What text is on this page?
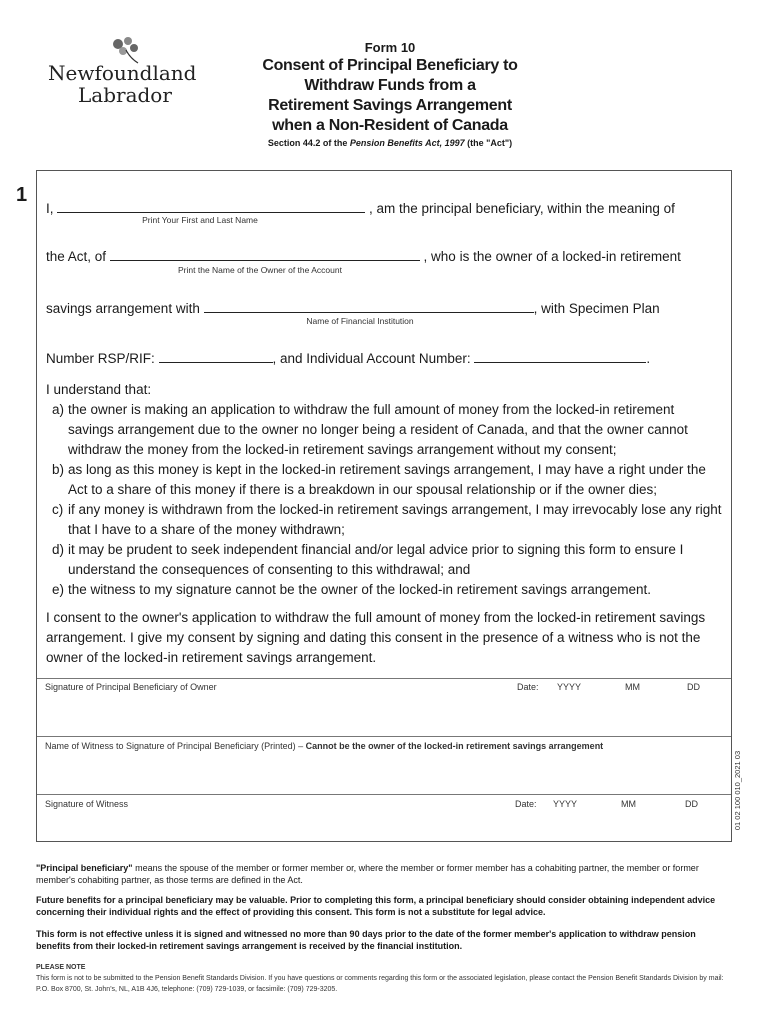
Newfoundland
Labrador
Form 10
Consent of Principal Beneficiary to
Withdraw Funds from a
Retirement Savings Arrangement
when a Non-Resident of Canada
Section 44.2 of the Pension Benefits Act, 1997 (the "Act")
1
I,	, am the principal beneficiary, within the meaning of
Print Your First and Last Name
the Act, of	, who is the owner of a locked-in retirement
Print the Name of the Owner of the Account
savings arrangement with	, with Specimen Plan
Name of Financial Institution
Number RSP/RIF:	, and Individual Account Number:	.
I understand that:
a) the owner is making an application to withdraw the full amount of money from the locked-in retirement savings arrangement due to the owner no longer being a resident of Canada, and that the owner cannot withdraw the money from the locked-in retirement savings arrangement without my consent;
b) as long as this money is kept in the locked-in retirement savings arrangement, I may have a right under the Act to a share of this money if there is a breakdown in our spousal relationship or if the owner dies;
c) if any money is withdrawn from the locked-in retirement savings arrangement, I may irrevocably lose any right that I have to a share of the money withdrawn;
d) it may be prudent to seek independent financial and/or legal advice prior to signing this form to ensure I understand the consequences of consenting to this withdrawal; and
e) the witness to my signature cannot be the owner of the locked-in retirement savings arrangement.
I consent to the owner's application to withdraw the full amount of money from the locked-in retirement savings arrangement. I give my consent by signing and dating this consent in the presence of a witness who is not the owner of the locked-in retirement savings arrangement.
Signature of Principal Beneficiary of Owner	Date: YYYY	MM	DD
Name of Witness to Signature of Principal Beneficiary (Printed) – Cannot be the owner of the locked-in retirement savings arrangement
Signature of Witness	Date: YYYY	MM	DD	01 02 100 010_2021 03
"Principal beneficiary" means the spouse of the member or former member or, where the member or former member has a cohabiting partner, the member or former member's cohabiting partner, as those terms are defined in the Act.
Future benefits for a principal beneficiary may be valuable. Prior to completing this form, a principal beneficiary should consider obtaining independent advice concerning their individual rights and the effect of providing this consent. This form is not a substitute for legal advice.
This form is not effective unless it is signed and witnessed no more than 90 days prior to the date of the former member's application to withdraw pension benefits from their locked-in retirement savings arrangement is received by the financial institution.
PLEASE NOTE
This form is not to be submitted to the Pension Benefit Standards Division. If you have questions or comments regarding this form or the associated legislation, please contact the Pension Benefit Standards Division by mail: P.O. Box 8700, St. John's, NL, A1B 4J6, telephone: (709) 729-1039, or facsimile: (709) 729-3205.
